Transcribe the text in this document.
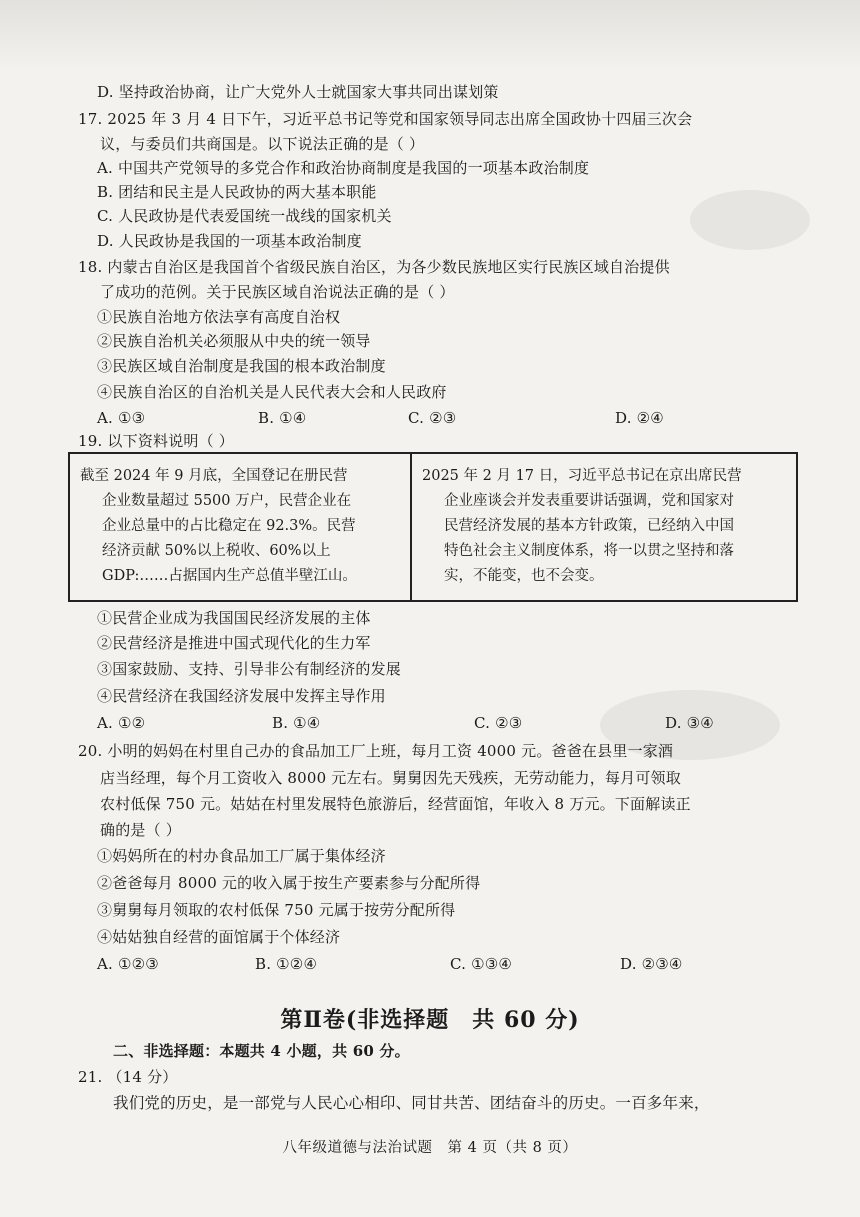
D. 坚持政治协商，让广大党外人士就国家大事共同出谋划策
17. 2025 年 3 月 4 日下午，习近平总书记等党和国家领导同志出席全国政协十四届三次会
议，与委员们共商国是。以下说法正确的是（ ）
A. 中国共产党领导的多党合作和政治协商制度是我国的一项基本政治制度
B. 团结和民主是人民政协的两大基本职能
C. 人民政协是代表爱国统一战线的国家机关
D. 人民政协是我国的一项基本政治制度
18. 内蒙古自治区是我国首个省级民族自治区，为各少数民族地区实行民族区域自治提供
了成功的范例。关于民族区域自治说法正确的是（ ）
①民族自治地方依法享有高度自治权
②民族自治机关必须服从中央的统一领导
③民族区域自治制度是我国的根本政治制度
④民族自治区的自治机关是人民代表大会和人民政府
A. ①③	B. ①④	C. ②③	D. ②④
19. 以下资料说明（ ）

截至 2024 年 9 月底，全国登记在册民营

企业数量超过 5500 万户，民营企业在

企业总量中的占比稳定在 92.3%。民营

经济贡献 50%以上税收、60%以上

GDP:……占据国内生产总值半壁江山。

2025 年 2 月 17 日，习近平总书记在京出席民营

企业座谈会并发表重要讲话强调，党和国家对

民营经济发展的基本方针政策，已经纳入中国

特色社会主义制度体系，将一以贯之坚持和落

实，不能变，也不会变。

①民营企业成为我国国民经济发展的主体
②民营经济是推进中国式现代化的生力军
③国家鼓励、支持、引导非公有制经济的发展
④民营经济在我国经济发展中发挥主导作用
A. ①②	B. ①④	C. ②③	D. ③④
20. 小明的妈妈在村里自己办的食品加工厂上班，每月工资 4000 元。爸爸在县里一家酒
店当经理，每个月工资收入 8000 元左右。舅舅因先天残疾，无劳动能力，每月可领取
农村低保 750 元。姑姑在村里发展特色旅游后，经营面馆，年收入 8 万元。下面解读正
确的是（ ）
①妈妈所在的村办食品加工厂属于集体经济
②爸爸每月 8000 元的收入属于按生产要素参与分配所得
③舅舅每月领取的农村低保 750 元属于按劳分配所得
④姑姑独自经营的面馆属于个体经济
A. ①②③	B. ①②④	C. ①③④	D. ②③④
第Ⅱ卷(非选择题　共 60 分)
二、非选择题：本题共 4 小题，共 60 分。
21. （14 分）
我们党的历史，是一部党与人民心心相印、同甘共苦、团结奋斗的历史。一百多年来，
八年级道德与法治试题　第 4 页（共 8 页）
